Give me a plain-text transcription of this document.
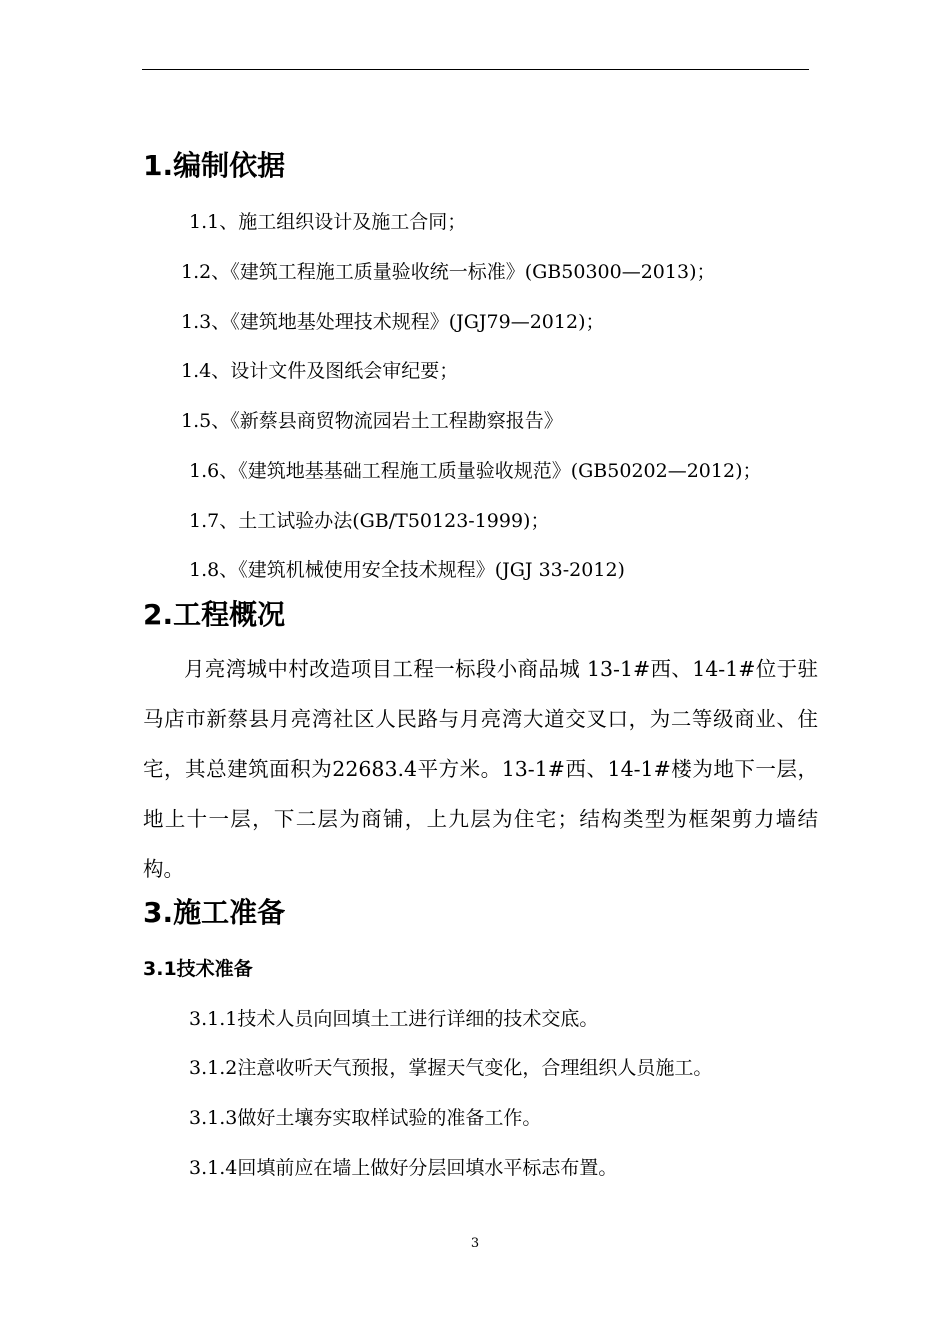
1.编制依据
1.1、施工组织设计及施工合同；
1.2、《建筑工程施工质量验收统一标准》(GB50300—2013)；
1.3、《建筑地基处理技术规程》(JGJ79—2012)；
1.4、设计文件及图纸会审纪要；
1.5、《新蔡县商贸物流园岩土工程勘察报告》
1.6、《建筑地基基础工程施工质量验收规范》(GB50202—2012)；
1.7、土工试验办法(GB/T50123-1999)；
1.8、《建筑机械使用安全技术规程》(JGJ 33-2012)
2.工程概况

月亮湾城中村改造项目工程一标段小商品城 13-1#西、14-1#位于驻马店市新蔡县月亮湾社区人民路与月亮湾大道交叉口，为二等级商业、住宅，其总建筑面积为22683.4平方米。13-1#西、14-1#楼为地下一层，地上十一层，下二层为商铺，上九层为住宅；结构类型为框架剪力墙结构。

3.施工准备
3.1技术准备
3.1.1技术人员向回填土工进行详细的技术交底。
3.1.2注意收听天气预报，掌握天气变化，合理组织人员施工。
3.1.3做好土壤夯实取样试验的准备工作。
3.1.4回填前应在墙上做好分层回填水平标志布置。
3
